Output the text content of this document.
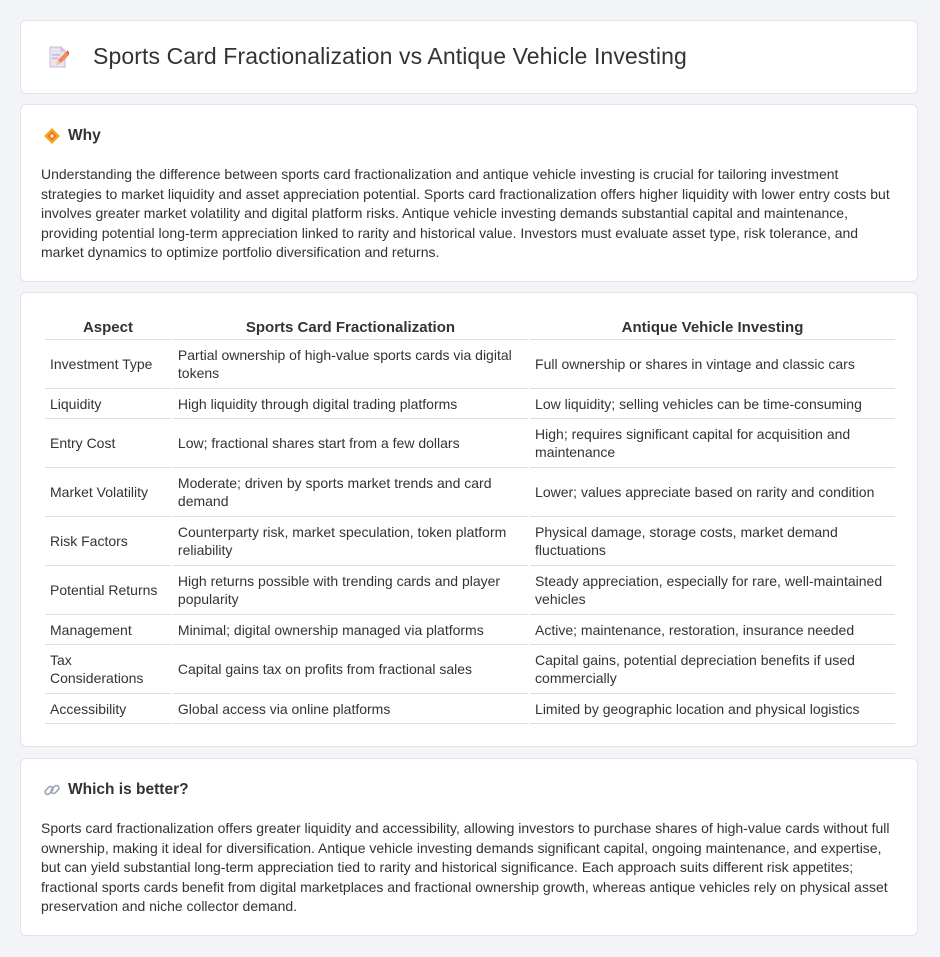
Sports Card Fractionalization vs Antique Vehicle Investing
Why

Understanding the difference between sports card fractionalization and antique vehicle investing is crucial for tailoring investment strategies to market liquidity and asset appreciation potential. Sports card fractionalization offers higher liquidity with lower entry costs but involves greater market volatility and digital platform risks. Antique vehicle investing demands substantial capital and maintenance, providing potential long-term appreciation linked to rarity and historical value. Investors must evaluate asset type, risk tolerance, and market dynamics to optimize portfolio diversification and returns.

Aspect	Sports Card Fractionalization	Antique Vehicle Investing
Investment Type	Partial ownership of high-value sports cards via digital tokens	Full ownership or shares in vintage and classic cars
Liquidity	High liquidity through digital trading platforms	Low liquidity; selling vehicles can be time-consuming
Entry Cost	Low; fractional shares start from a few dollars	High; requires significant capital for acquisition and maintenance
Market Volatility	Moderate; driven by sports market trends and card demand	Lower; values appreciate based on rarity and condition
Risk Factors	Counterparty risk, market speculation, token platform reliability	Physical damage, storage costs, market demand fluctuations
Potential Returns	High returns possible with trending cards and player popularity	Steady appreciation, especially for rare, well-maintained vehicles
Management	Minimal; digital ownership managed via platforms	Active; maintenance, restoration, insurance needed
Tax Considerations	Capital gains tax on profits from fractional sales	Capital gains, potential depreciation benefits if used commercially
Accessibility	Global access via online platforms	Limited by geographic location and physical logistics
Which is better?

Sports card fractionalization offers greater liquidity and accessibility, allowing investors to purchase shares of high-value cards without full ownership, making it ideal for diversification. Antique vehicle investing demands significant capital, ongoing maintenance, and expertise, but can yield substantial long-term appreciation tied to rarity and historical significance. Each approach suits different risk appetites; fractional sports cards benefit from digital marketplaces and fractional ownership growth, whereas antique vehicles rely on physical asset preservation and niche collector demand.
